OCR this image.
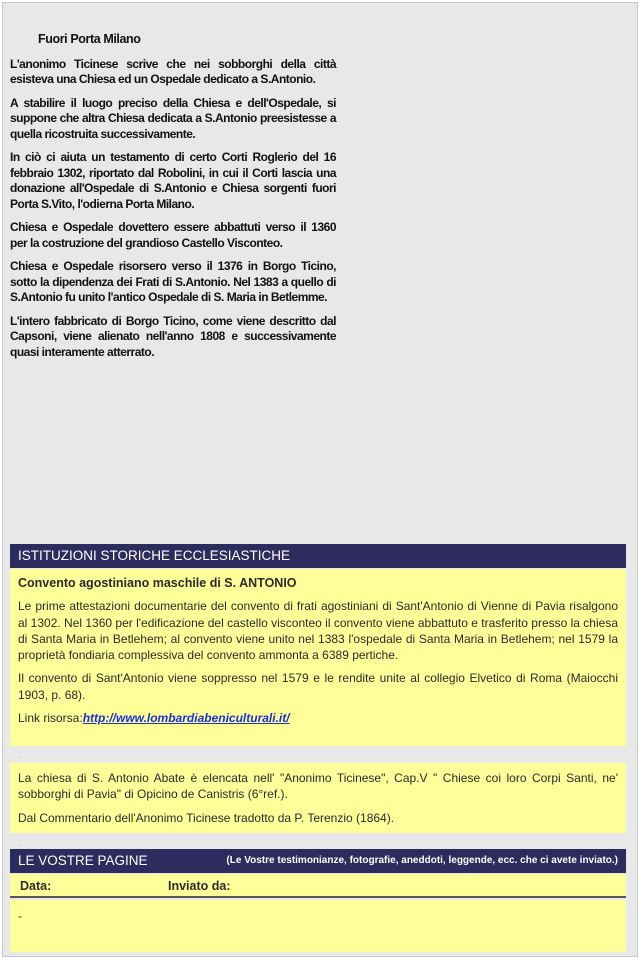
Fuori Porta Milano

L'anonimo Ticinese scrive che nei sobborghi della città esisteva una Chiesa ed un Ospedale dedicato a S.Antonio.

A stabilire il luogo preciso della Chiesa e dell'Ospedale, si suppone che altra Chiesa dedicata a S.Antonio preesistesse a quella ricostruita successivamente.

In ciò ci aiuta un testamento di certo Corti Roglerio del 16 febbraio 1302, riportato dal Robolini, in cui il Corti lascia una donazione all'Ospedale di S.Antonio e Chiesa sorgenti fuori Porta S.Vito, l'odierna Porta Milano.

Chiesa e Ospedale dovettero essere abbattuti verso il 1360 per la costruzione del grandioso Castello Visconteo.

Chiesa e Ospedale risorsero verso il 1376 in Borgo Ticino, sotto la dipendenza dei Frati di S.Antonio. Nel 1383 a quello di S.Antonio fu unito l'antico Ospedale di S. Maria in Betlemme.

L'intero fabbricato di Borgo Ticino, come viene descritto dal Capsoni, viene alienato nell'anno 1808 e successivamente quasi interamente atterrato.

ISTITUZIONI STORICHE ECCLESIASTICHE

Convento agostiniano maschile di S. ANTONIO

Le prime attestazioni documentarie del convento di frati agostiniani di Sant'Antonio di Vienne di Pavia risalgono al 1302. Nel 1360 per l'edificazione del castello visconteo il convento viene abbattuto e trasferito presso la chiesa di Santa Maria in Betlehem; al convento viene unito nel 1383 l'ospedale di Santa Maria in Betlehem; nel 1579 la proprietà fondiaria complessiva del convento ammonta a 6389 pertiche.

Il convento di Sant'Antonio viene soppresso nel 1579 e le rendite unite al collegio Elvetico di Roma (Maiocchi 1903, p. 68).

Link risorsa:http://www.lombardiabeniculturali.it/

.

La chiesa di S. Antonio Abate è elencata nell' "Anonimo Ticinese", Cap.V " Chiese coi loro Corpi Santi, ne' sobborghi di Pavia" di Opicino de Canistris (6°ref.).

Dal Commentario dell'Anonimo Ticinese tradotto da P. Terenzio (1864).

.
LE VOSTRE PAGINE	(Le Vostre testimonianze, fotografie, aneddoti, leggende, ecc. che ci avete inviato.)
Data:	Inviato da:
-
